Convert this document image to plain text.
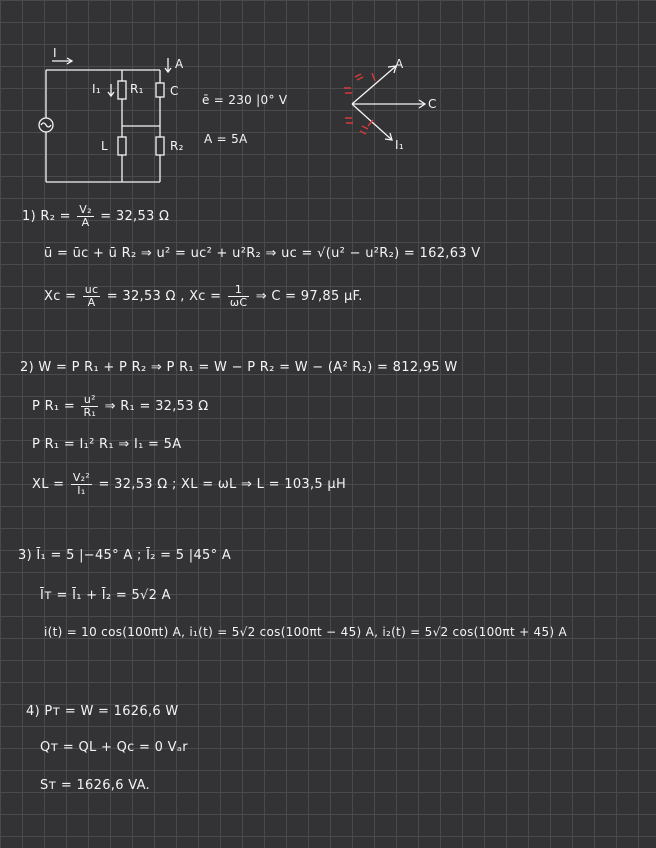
I
I₁ R₁ C
A
L	R₂
ē = 230 |0° V
A = 5A
A
C
I₁
1) $R_2 = \frac{\text{V₂}}{A} = 32,53$ Ω
ū = ūc + ū R₂ ⇒ u² = uc² + u²R₂ ⇒ uc = √(u² − u²R₂) = 162,63 V
$Xc = \frac{uc}{A} = 32,53$ Ω , $Xc = \frac{1}{\omega C}$ ⇒ C = 97,85 μF.
2) W = P R₁ + P R₂ ⇒ P R₁ = W − P R₂ = W − (A² R₂) = 812,95 W
P $R_1 = \frac{\text{u²}}{\text{R₁}}$ ⇒ R₁ = 32,53 Ω
P R₁ = I₁² R₁ ⇒ I₁ = 5A
XL = $\frac{\text{V₂²}}{\text{I₁}} = 32,53$ Ω ; XL = ωL ⇒ L = 103,5 μH
3) Ī₁ = 5 |−45° A ; Ī₂ = 5 |45° A
Īᴛ = Ī₁ + Ī₂ = 5√2 A
i(t) = 10 cos(100πt) A, i₁(t) = 5√2 cos(100πt − 45) A, i₂(t) = 5√2 cos(100πt + 45) A
4) Pᴛ = W = 1626,6 W
Qᴛ = QL + Qc = 0 Vₐr
Sᴛ = 1626,6 VA.
